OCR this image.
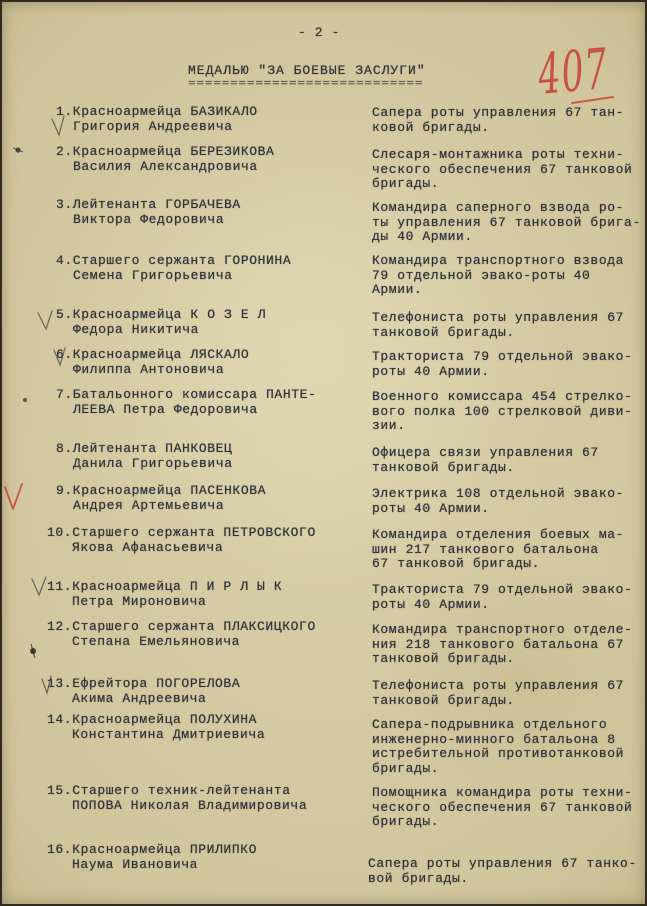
- 2 -
МЕДАЛЬЮ "ЗА БОЕВЫЕ ЗАСЛУГИ"
============================ 407
1.Красноармейца БАЗИКАЛО
Григория Андреевича
Сапера роты управления 67 тан-
ковой бригады.
2.Красноармейца БЕРЕЗИКОВА
Василия Александровича
Слесаря-монтажника роты техни-
ческого обеспечения 67 танковой
бригады.
3.Лейтенанта ГОРБАЧЕВА
Виктора Федоровича
Командира саперного взвода ро-
ты управления 67 танковой брига-
ды 40 Армии.
4.Старшего сержанта ГОРОНИНА
Семена Григорьевича
Командира транспортного взвода
79 отдельной эвако-роты 40
Армии.
5.Красноармейца К О З Е Л
Федора Никитича
Телефониста роты управления 67
танковой бригады.
6.Красноармейца ЛЯСКАЛО
Филиппа Антоновича
Тракториста 79 отдельной эвако-
роты 40 Армии.
7.Батальонного комиссара ПАНТЕ-
ЛЕЕВА Петра Федоровича
Военного комиссара 454 стрелко-
вого полка 100 стрелковой диви-
зии.
8.Лейтенанта ПАНКОВЕЦ
Данила Григорьевича
Офицера связи управления 67
танковой бригады.
9.Красноармейца ПАСЕНКОВА
Андрея Артемьевича
Электрика 108 отдельной эвако-
роты 40 Армии.
10.Старшего сержанта ПЕТРОВСКОГО
Якова Афанасьевича
Командира отделения боевых ма-
шин 217 танкового батальона
67 танковой бригады.
11.Красноармейца П И Р Л Ы К
Петра Мироновича
Тракториста 79 отдельной эвако-
роты 40 Армии.
12.Старшего сержанта ПЛАКСИЦКОГО
Степана Емельяновича
Командира транспортного отделе-
ния 218 танкового батальона 67
танковой бригады.
13.Ефрейтора ПОГОРЕЛОВА
Акима Андреевича
Телефониста роты управления 67
танковой бригады.
14.Красноармейца ПОЛУХИНА
Константина Дмитриевича
Сапера-подрывника отдельного
инженерно-минного батальона 8
истребительной противотанковой
бригады.
15.Старшего техник-лейтенанта
ПОПОВА Николая Владимировича
Помощника командира роты техни-
ческого обеспечения 67 танковой
бригады.
16.Красноармейца ПРИЛИПКО
Наума Ивановича	Сапера роты управления 67 танко-
вой бригады.
